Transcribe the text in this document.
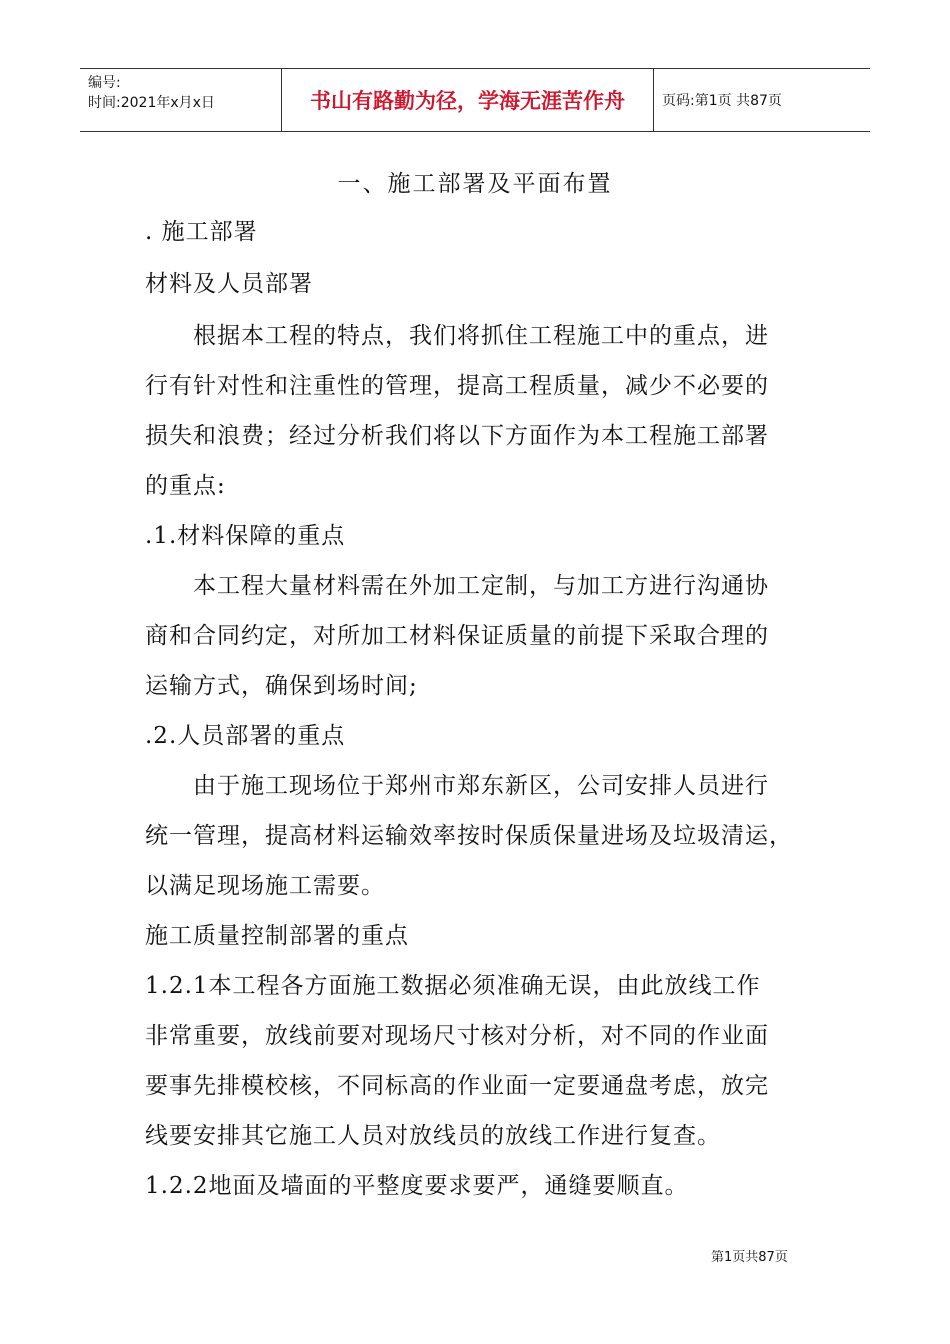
编号:
时间:2021年x月x日	书山有路勤为径，学海无涯苦作舟	页码:第1页 共87页
一、施工部署及平面布置
. 施工部署
材料及人员部署
根据本工程的特点，我们将抓住工程施工中的重点，进
行有针对性和注重性的管理，提高工程质量，减少不必要的
损失和浪费；经过分析我们将以下方面作为本工程施工部署
的重点:
.1.材料保障的重点
本工程大量材料需在外加工定制，与加工方进行沟通协
商和合同约定，对所加工材料保证质量的前提下采取合理的
运输方式，确保到场时间;
.2.人员部署的重点
由于施工现场位于郑州市郑东新区，公司安排人员进行
统一管理，提高材料运输效率按时保质保量进场及垃圾清运，
以满足现场施工需要。
施工质量控制部署的重点
1.2.1本工程各方面施工数据必须准确无误，由此放线工作
非常重要，放线前要对现场尺寸核对分析，对不同的作业面
要事先排模校核，不同标高的作业面一定要通盘考虑，放完
线要安排其它施工人员对放线员的放线工作进行复查。
1.2.2地面及墙面的平整度要求要严，通缝要顺直。
第1页共87页
